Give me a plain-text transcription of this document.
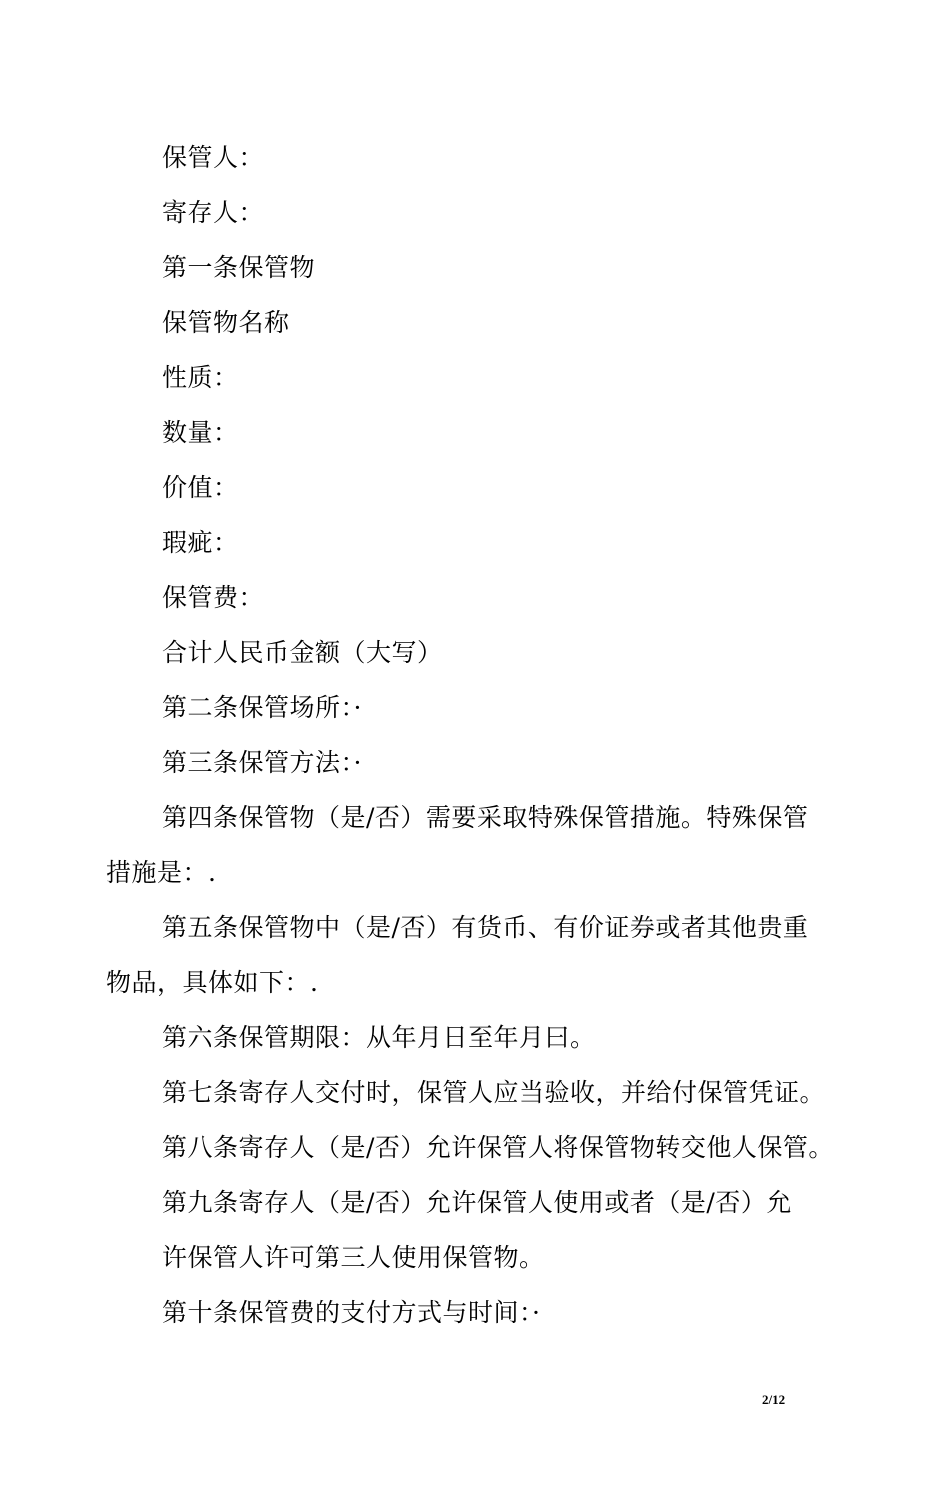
保管人：
寄存人：
第一条保管物
保管物名称
性质：
数量：
价值：
瑕疵：
保管费：
合计人民币金额（大写）
第二条保管场所：·
第三条保管方法：·
第四条保管物（是/否）需要采取特殊保管措施。特殊保管
措施是：.
第五条保管物中（是/否）有货币、有价证券或者其他贵重
物品，具体如下：.
第六条保管期限：从年月日至年月曰。
第七条寄存人交付时，保管人应当验收，并给付保管凭证。
第八条寄存人（是/否）允许保管人将保管物转交他人保管。
第九条寄存人（是/否）允许保管人使用或者（是/否）允
许保管人许可第三人使用保管物。
第十条保管费的支付方式与时间：·
2/12
